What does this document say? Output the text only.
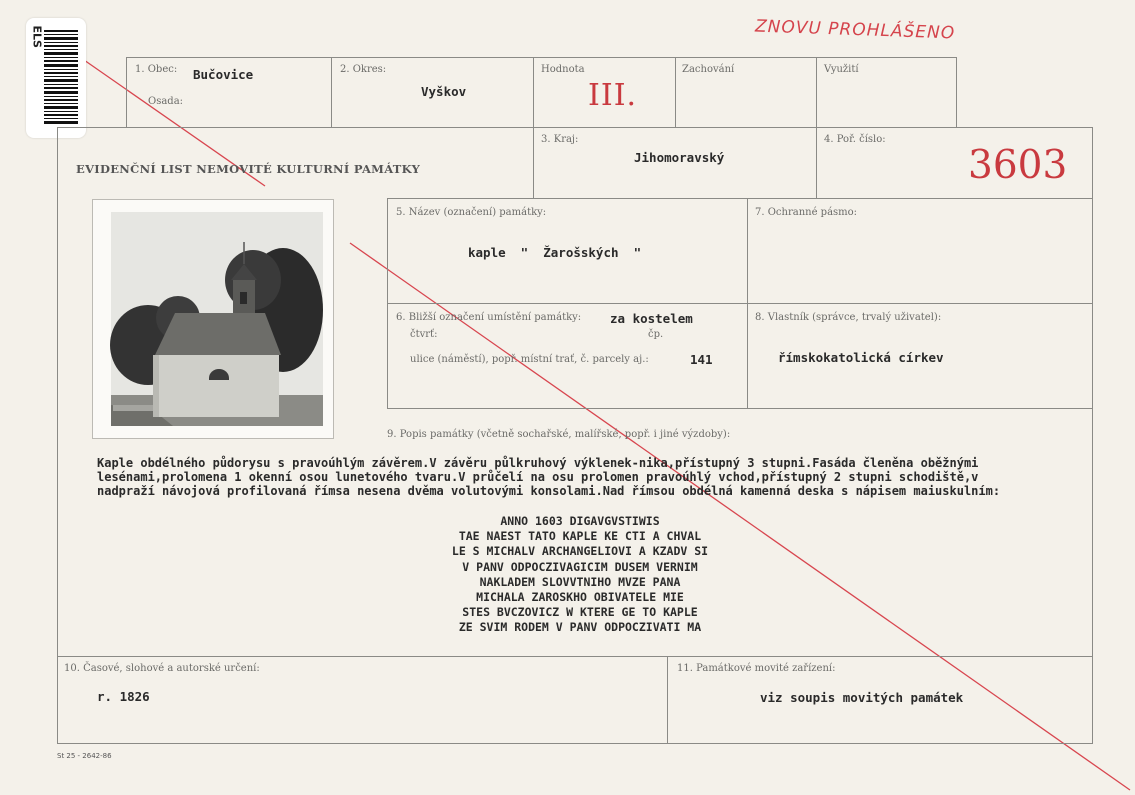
ELS	ZNOVU PROHLÁŠENO
1. Obec: Bučovice
Osada:
2. Okres:
Vyškov
Hodnota
III.
Zachování	Využití
EVIDENČNÍ LIST NEMOVITÉ KULTURNÍ PAMÁTKY
3. Kraj:
Jihomoravský
4. Poř. číslo:
3603
5. Název (označení) památky:
kaple  "  Žarošských  "
7. Ochranné pásmo:
6. Bližší označení umístění památky: za kostelem
čtvrť:	čp.
ulice (náměstí), popř. místní trať, č. parcely aj.:	141
8. Vlastník (správce, trvalý uživatel):
římskokatolická církev
9. Popis památky (včetně sochařské, malířské, popř. i jiné výzdoby):
Kaple obdélného půdorysu s pravoúhlým závěrem.V závěru půlkruhový výklenek-nika,přístupný 3 stupni.Fasáda členěna oběžnými
lesénami,prolomena 1 okenní osou lunetového tvaru.V průčelí na osu prolomen pravoúhlý vchod,přístupný 2 stupni schodiště,v
nadpraží návojová profilovaná římsa nesena dvěma volutovými konsolami.Nad římsou obdélná kamenná deska s nápisem maiuskulním:
ANNO 1603 DIGAVGVSTIWIS
TAE NAEST TATO KAPLE KE CTI A CHVAL
LE S MICHALV ARCHANGELIOVI A KZADV SI
V PANV ODPOCZIVAGICIM DUSEM VERNIM
NAKLADEM SLOVVTNIHO MVZE PANA
MICHALA ZAROSKHO OBIVATELE MIE
STES BVCZOVICZ W KTERE GE TO KAPLE
ZE SVIM RODEM V PANV ODPOCZIVATI MA
10. Časové, slohové a autorské určení:
r. 1826
11. Památkové movité zařízení:
viz soupis movitých památek
St 25 - 2642-86
